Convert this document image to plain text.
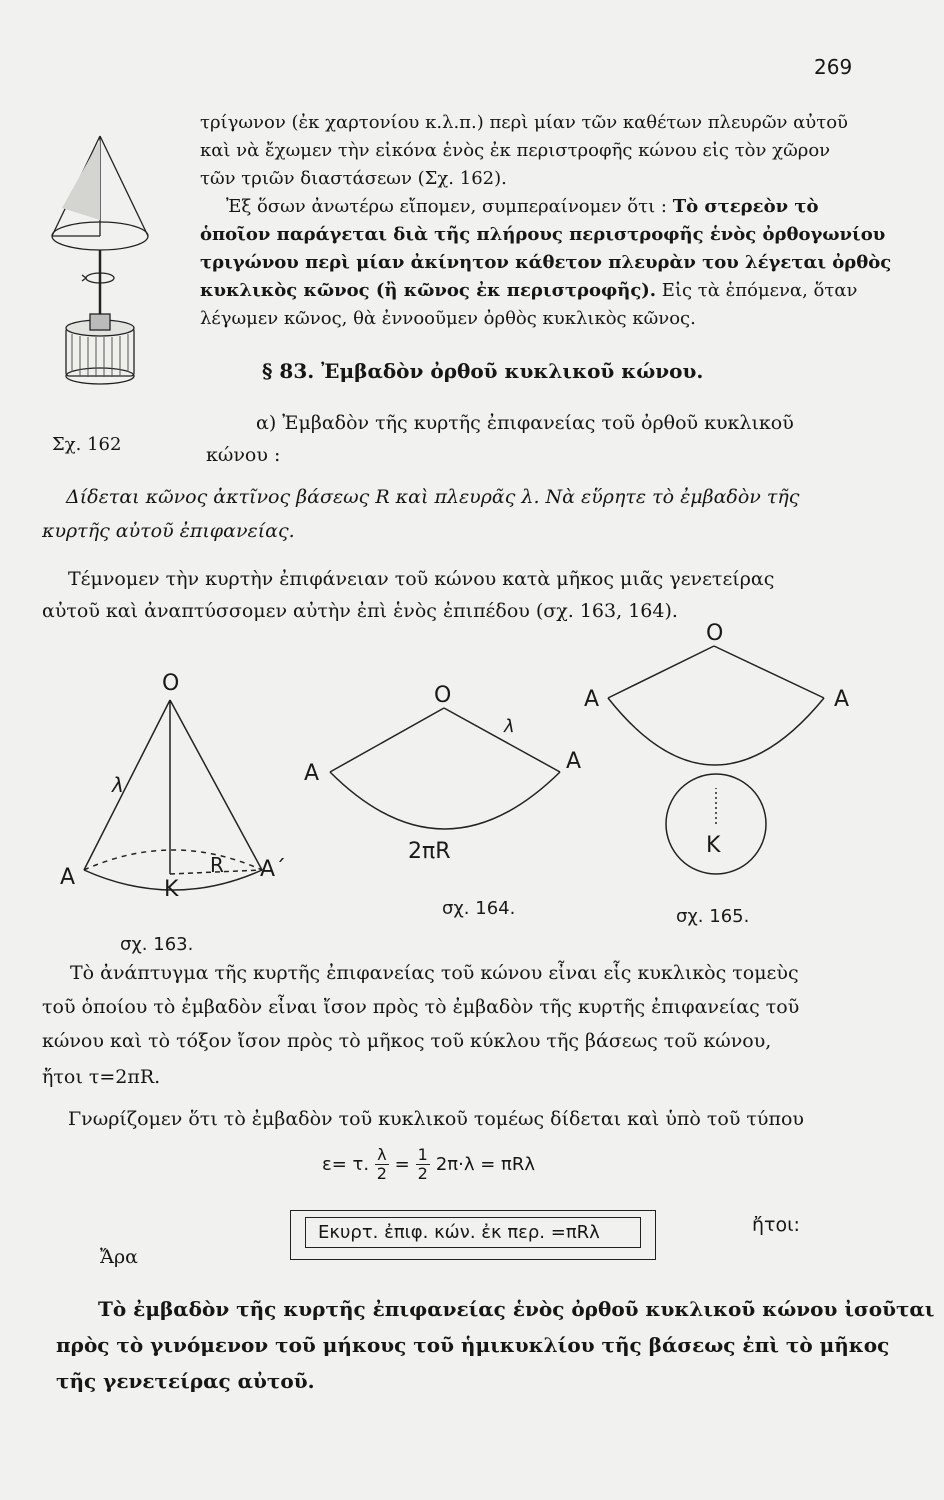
269
Σχ. 162
τρίγωνον (ἐκ χαρτονίου κ.λ.π.) περὶ μίαν τῶν καθέτων πλευρῶν αὐτοῦ
καὶ νὰ ἔχωμεν τὴν εἰκόνα ἑνὸς ἐκ περιστροφῆς κώνου εἰς τὸν χῶρον
τῶν τριῶν διαστάσεων (Σχ. 162).
Ἐξ ὅσων ἀνωτέρω εἴπομεν, συμπεραίνομεν ὅτι : Τὸ στερεὸν τὸ
ὁποῖον παράγεται διὰ τῆς πλήρους περιστροφῆς ἑνὸς ὀρθογωνίου
τριγώνου περὶ μίαν ἀκίνητον κάθετον πλευρὰν του λέγεται ὀρθὸς
κυκλικὸς κῶνος (ἢ κῶνος ἐκ περιστροφῆς). Εἰς τὰ ἑπόμενα, ὅταν
λέγωμεν κῶνος, θὰ ἐννοοῦμεν ὀρθὸς κυκλικὸς κῶνος.
§ 83. Ἐμβαδὸν ὀρθοῦ κυκλικοῦ κώνου.
α) Ἐμβαδὸν τῆς κυρτῆς ἐπιφανείας τοῦ ὀρθοῦ κυκλικοῦ
κώνου :
Δίδεται κῶνος ἀκτῖνος βάσεως R καὶ πλευρᾶς λ. Νὰ εὕρητε τὸ ἐμβαδὸν τῆς
κυρτῆς αὐτοῦ ἐπιφανείας.
Τέμνομεν τὴν κυρτὴν ἐπιφάνειαν τοῦ κώνου κατὰ μῆκος μιᾶς γενετείρας
αὐτοῦ καὶ ἀναπτύσσομεν αὐτὴν ἐπὶ ἑνὸς ἐπιπέδου (σχ. 163, 164).
O
λ
A	K
R A΄
σχ. 163.
O
λ
A	A
2πR
σχ. 164.
O
A	A
K
σχ. 165.
Τὸ ἀνάπτυγμα τῆς κυρτῆς ἐπιφανείας τοῦ κώνου εἶναι εἷς κυκλικὸς τομεὺς
τοῦ ὁποίου τὸ ἐμβαδὸν εἶναι ἴσον πρὸς τὸ ἐμβαδὸν τῆς κυρτῆς ἐπιφανείας τοῦ
κώνου καὶ τὸ τόξον ἴσον πρὸς τὸ μῆκος τοῦ κύκλου τῆς βάσεως τοῦ κώνου,
ἤτοι τ=2πR.
Γνωρίζομεν ὅτι τὸ ἐμβαδὸν τοῦ κυκλικοῦ τομέως δίδεται καὶ ὑπὸ τοῦ τύπου
ε= τ. $\frac{\lambda}{2} = \frac{1}{2} 2\pi\cdot\lambda = \pi R\lambda$
Ἄρα
Εκυρτ. ἐπιφ. κών. ἐκ περ. =πRλ	ἤτοι:
Τὸ ἐμβαδὸν τῆς κυρτῆς ἐπιφανείας ἑνὸς ὀρθοῦ κυκλικοῦ κώνου ἰσοῦται
πρὸς τὸ γινόμενον τοῦ μήκους τοῦ ἡμικυκλίου τῆς βάσεως ἐπὶ τὸ μῆκος
τῆς γενετείρας αὐτοῦ.
